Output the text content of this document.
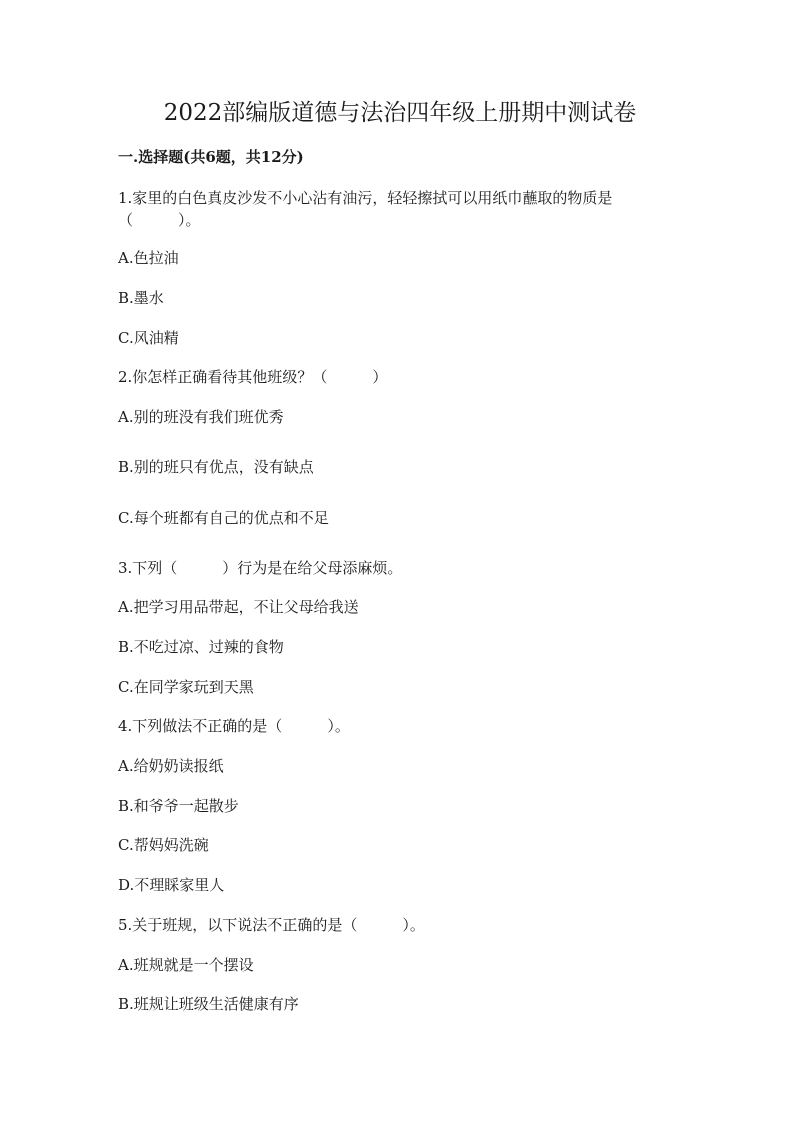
2022部编版道德与法治四年级上册期中测试卷
一.选择题(共6题，共12分)
1.家里的白色真皮沙发不小心沾有油污，轻轻擦拭可以用纸巾蘸取的物质是
（　　　）。
A.色拉油
B.墨水
C.风油精
2.你怎样正确看待其他班级？（　　　）
A.别的班没有我们班优秀
B.别的班只有优点，没有缺点
C.每个班都有自己的优点和不足
3.下列（　　　）行为是在给父母添麻烦。
A.把学习用品带起，不让父母给我送
B.不吃过凉、过辣的食物
C.在同学家玩到天黑
4.下列做法不正确的是（　　　）。
A.给奶奶读报纸
B.和爷爷一起散步
C.帮妈妈洗碗
D.不理睬家里人
5.关于班规，以下说法不正确的是（　　　）。
A.班规就是一个摆设
B.班规让班级生活健康有序
